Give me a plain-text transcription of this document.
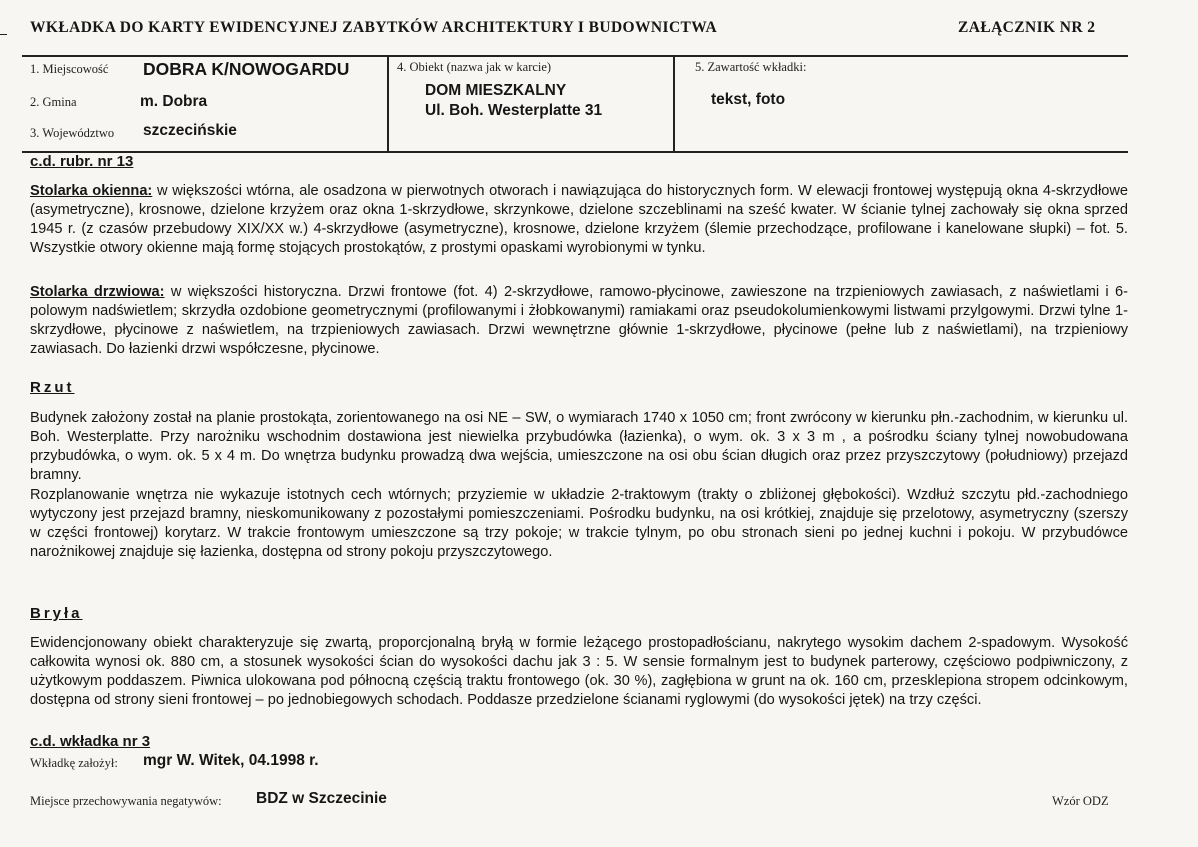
WKŁADKA DO KARTY EWIDENCYJNEJ ZABYTKÓW ARCHITEKTURY I BUDOWNICTWA	ZAŁĄCZNIK NR 2
1. Miejscowość DOBRA K/NOWOGARDU
2. Gmina	m. Dobra
3. Województwo szczecińskie
4. Obiekt (nazwa jak w karcie)
DOM MIESZKALNY
Ul. Boh. Westerplatte 31
5. Zawartość wkładki:
tekst, foto
c.d. rubr. nr 13

Stolarka okienna: w większości wtórna, ale osadzona w pierwotnych otworach i nawiązująca do historycznych form. W elewacji frontowej występują okna 4-skrzydłowe (asymetryczne), krosnowe, dzielone krzyżem oraz okna 1-skrzydłowe, skrzynkowe, dzielone szczeblinami na sześć kwater. W ścianie tylnej zachowały się okna sprzed 1945 r. (z czasów przebudowy XIX/XX w.) 4-skrzydłowe (asymetryczne), krosnowe, dzielone krzyżem (ślemie przechodzące, profilowane i kanelowane słupki) – fot. 5. Wszystkie otwory okienne mają formę stojących prostokątów, z prostymi opaskami wyrobionymi w tynku.

Stolarka drzwiowa: w większości historyczna. Drzwi frontowe (fot. 4) 2-skrzydłowe, ramowo-płycinowe, zawieszone na trzpieniowych zawiasach, z naświetlami i 6-polowym nadświetlem; skrzydła ozdobione geometrycznymi (profilowanymi i żłobkowanymi) ramiakami oraz pseudokolumienkowymi listwami przylgowymi. Drzwi tylne 1-skrzydłowe, płycinowe z naświetlem, na trzpieniowych zawiasach. Drzwi wewnętrzne głównie 1-skrzydłowe, płycinowe (pełne lub z naświetlami), na trzpieniowy zawiasach. Do łazienki drzwi współczesne, płycinowe.

Rzut

Budynek założony został na planie prostokąta, zorientowanego na osi NE – SW, o wymiarach 1740 x 1050 cm; front zwrócony w kierunku płn.-zachodnim, w kierunku ul. Boh. Westerplatte. Przy narożniku wschodnim dostawiona jest niewielka przybudówka (łazienka), o wym. ok. 3 x 3 m , a pośrodku ściany tylnej nowobudowana przybudówka, o wym. ok. 5 x 4 m. Do wnętrza budynku prowadzą dwa wejścia, umieszczone na osi obu ścian długich oraz przez przyszczytowy (południowy) przejazd bramny.

Rozplanowanie wnętrza nie wykazuje istotnych cech wtórnych; przyziemie w układzie 2-traktowym (trakty o zbliżonej głębokości). Wzdłuż szczytu płd.-zachodniego wytyczony jest przejazd bramny, nieskomunikowany z pozostałymi pomieszczeniami. Pośrodku budynku, na osi krótkiej, znajduje się przelotowy, asymetryczny (szerszy w części frontowej) korytarz. W trakcie frontowym umieszczone są trzy pokoje; w trakcie tylnym, po obu stronach sieni po jednej kuchni i pokoju. W przybudówce narożnikowej znajduje się łazienka, dostępna od strony pokoju przyszczytowego.

Bryła

Ewidencjonowany obiekt charakteryzuje się zwartą, proporcjonalną bryłą w formie leżącego prostopadłościanu, nakrytego wysokim dachem 2-spadowym. Wysokość całkowita wynosi ok. 880 cm, a stosunek wysokości ścian do wysokości dachu jak 3 : 5. W sensie formalnym jest to budynek parterowy, częściowo podpiwniczony, z użytkowym poddaszem. Piwnica ulokowana pod północną częścią traktu frontowego (ok. 30 %), zagłębiona w grunt na ok. 160 cm, przesklepiona stropem odcinkowym, dostępna od strony sieni frontowej – po jednobiegowych schodach. Poddasze przedzielone ścianami ryglowymi (do wysokości jętek) na trzy części.

c.d. wkładka nr 3
Wkładkę założył: mgr W. Witek, 04.1998 r.
Miejsce przechowywania negatywów: BDZ w Szczecinie	Wzór ODZ
